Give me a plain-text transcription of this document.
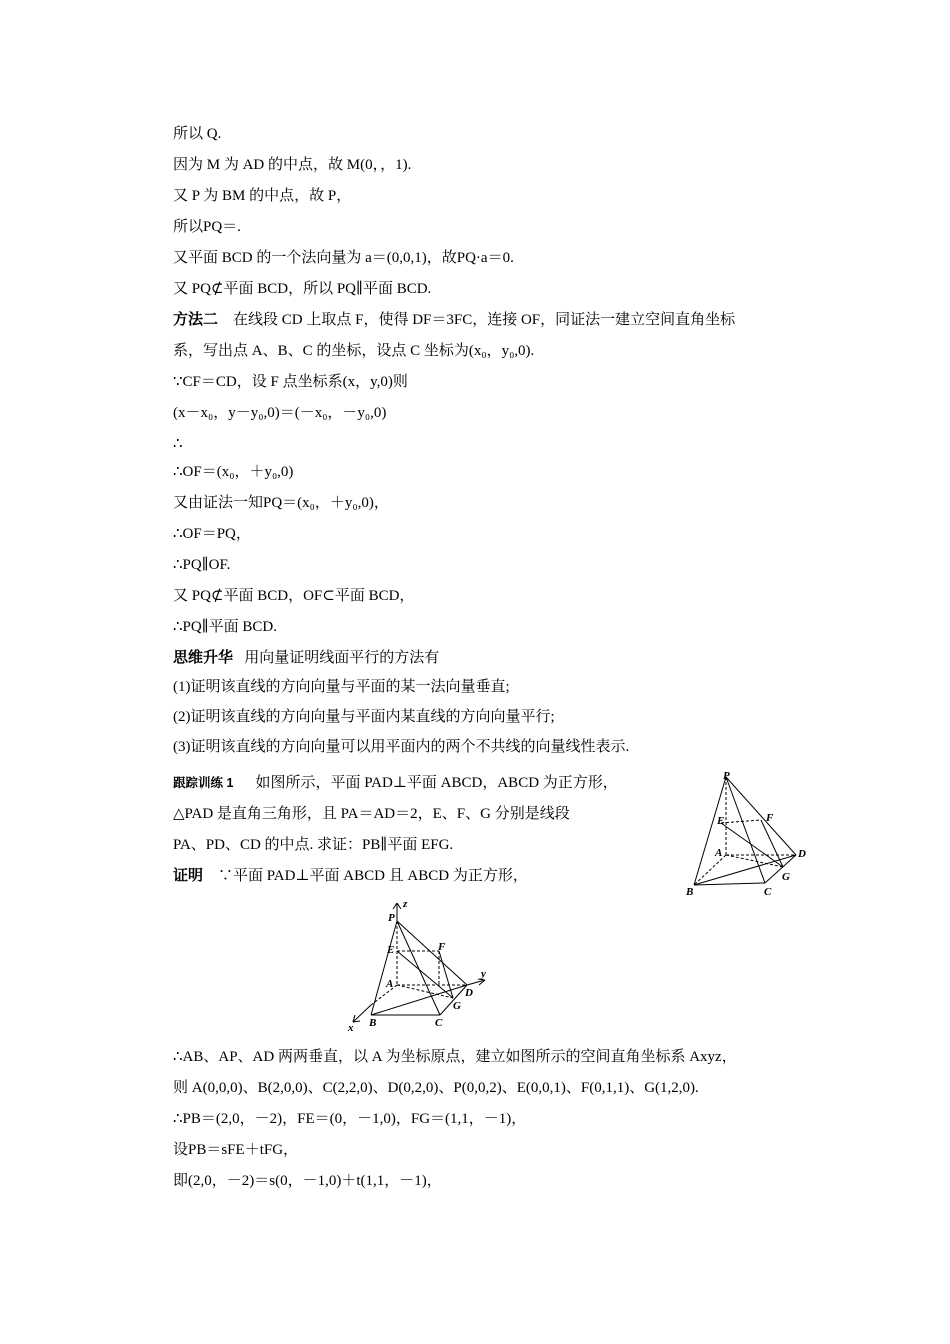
所以 Q.
因为 M 为 AD 的中点，故 M(0，，1).
又 P 为 BM 的中点，故 P，
所以PQ＝.
又平面 BCD 的一个法向量为 a＝(0,0,1)，故PQ·a＝0.
又 PQ⊄平面 BCD，所以 PQ∥平面 BCD.
方法二 在线段 CD 上取点 F，使得 DF＝3FC，连接 OF，同证法一建立空间直角坐标
系，写出点 A、B、C 的坐标，设点 C 坐标为(x₀，y₀,0).
∵CF＝CD，设 F 点坐标系(x，y,0)则
(x－x₀，y－y₀,0)＝(－x₀，－y₀,0)
∴
∴OF＝(x₀，＋y₀,0)
又由证法一知PQ＝(x₀，＋y₀,0)，
∴OF＝PQ，
∴PQ∥OF.
又 PQ⊄平面 BCD，OF⊂平面 BCD，
∴PQ∥平面 BCD.
思维升华 用向量证明线面平行的方法有
(1)证明该直线的方向向量与平面的某一法向量垂直;
(2)证明该直线的方向向量与平面内某直线的方向向量平行;
(3)证明该直线的方向向量可以用平面内的两个不共线的向量线性表示.
跟踪训练 1 如图所示，平面 PAD⊥平面 ABCD，ABCD 为正方形，
△PAD 是直角三角形，且 PA＝AD＝2，E、F、G 分别是线段
PA、PD、CD 的中点. 求证：PB∥平面 EFG.
证明 ∵平面 PAD⊥平面 ABCD 且 ABCD 为正方形，
P
E	F
A	D
G
B	C
z
P
E	F
A
y
D
G
x B	C
∴AB、AP、AD 两两垂直，以 A 为坐标原点，建立如图所示的空间直角坐标系 Axyz，
则 A(0,0,0)、B(2,0,0)、C(2,2,0)、D(0,2,0)、P(0,0,2)、E(0,0,1)、F(0,1,1)、G(1,2,0).
∴PB＝(2,0，－2)，FE＝(0，－1,0)，FG＝(1,1，－1)，
设PB＝sFE＋tFG，
即(2,0，－2)＝s(0，－1,0)＋t(1,1，－1)，
